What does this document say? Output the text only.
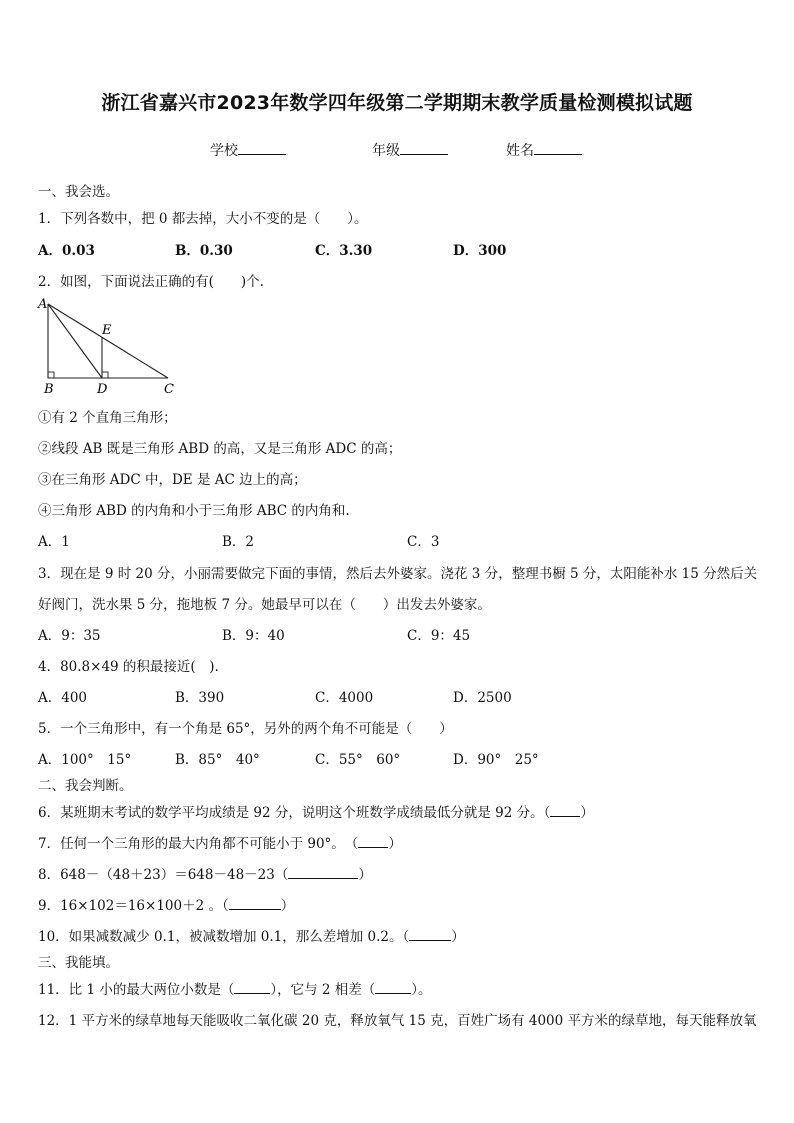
浙江省嘉兴市2023年数学四年级第二学期期末教学质量检测模拟试题
学校	年级	姓名
一、我会选。
1．下列各数中，把 0 都去掉，大小不变的是（　　）。
A．0.03	B．0.30	C．3.30	D．300
2．如图，下面说法正确的有(　　)个.
A
B	C
D
E
①有 2 个直角三角形；
②线段 AB 既是三角形 ABD 的高，又是三角形 ADC 的高；
③在三角形 ADC 中，DE 是 AC 边上的高；
④三角形 ABD 的内角和小于三角形 ABC 的内角和.
A．1	B．2	C．3
3．现在是 9 时 20 分，小丽需要做完下面的事情，然后去外婆家。浇花 3 分，整理书橱 5 分，太阳能补水 15 分然后关
好阀门，洗水果 5 分，拖地板 7 分。她最早可以在（　　）出发去外婆家。
A．9：35	B．9：40	C．9：45
4．80.8×49 的积最接近(　).
A．400	B．390	C．4000	D．2500
5．一个三角形中，有一个角是 65°，另外的两个角不可能是（　　）
A．100°　15°	B．85°　40°	C．55°　60°	D．90°　25°
二、我会判断。
6．某班期末考试的数学平均成绩是 92 分，说明这个班数学成绩最低分就是 92 分。（ ）
7．任何一个三角形的最大内角都不可能小于 90°。　（ ）
8．648－（48＋23）＝648－48－23（	）
9．16×102＝16×100＋2 。（	）
10．如果减数减少 0.1，被减数增加 0.1，那么差增加 0.2。（	）
三、我能填。
11．比 1 小的最大两位小数是（	），它与 2 相差（	）。
12．1 平方米的绿草地每天能吸收二氧化碳 20 克，释放氧气 15 克，百姓广场有 4000 平方米的绿草地，每天能释放氧
